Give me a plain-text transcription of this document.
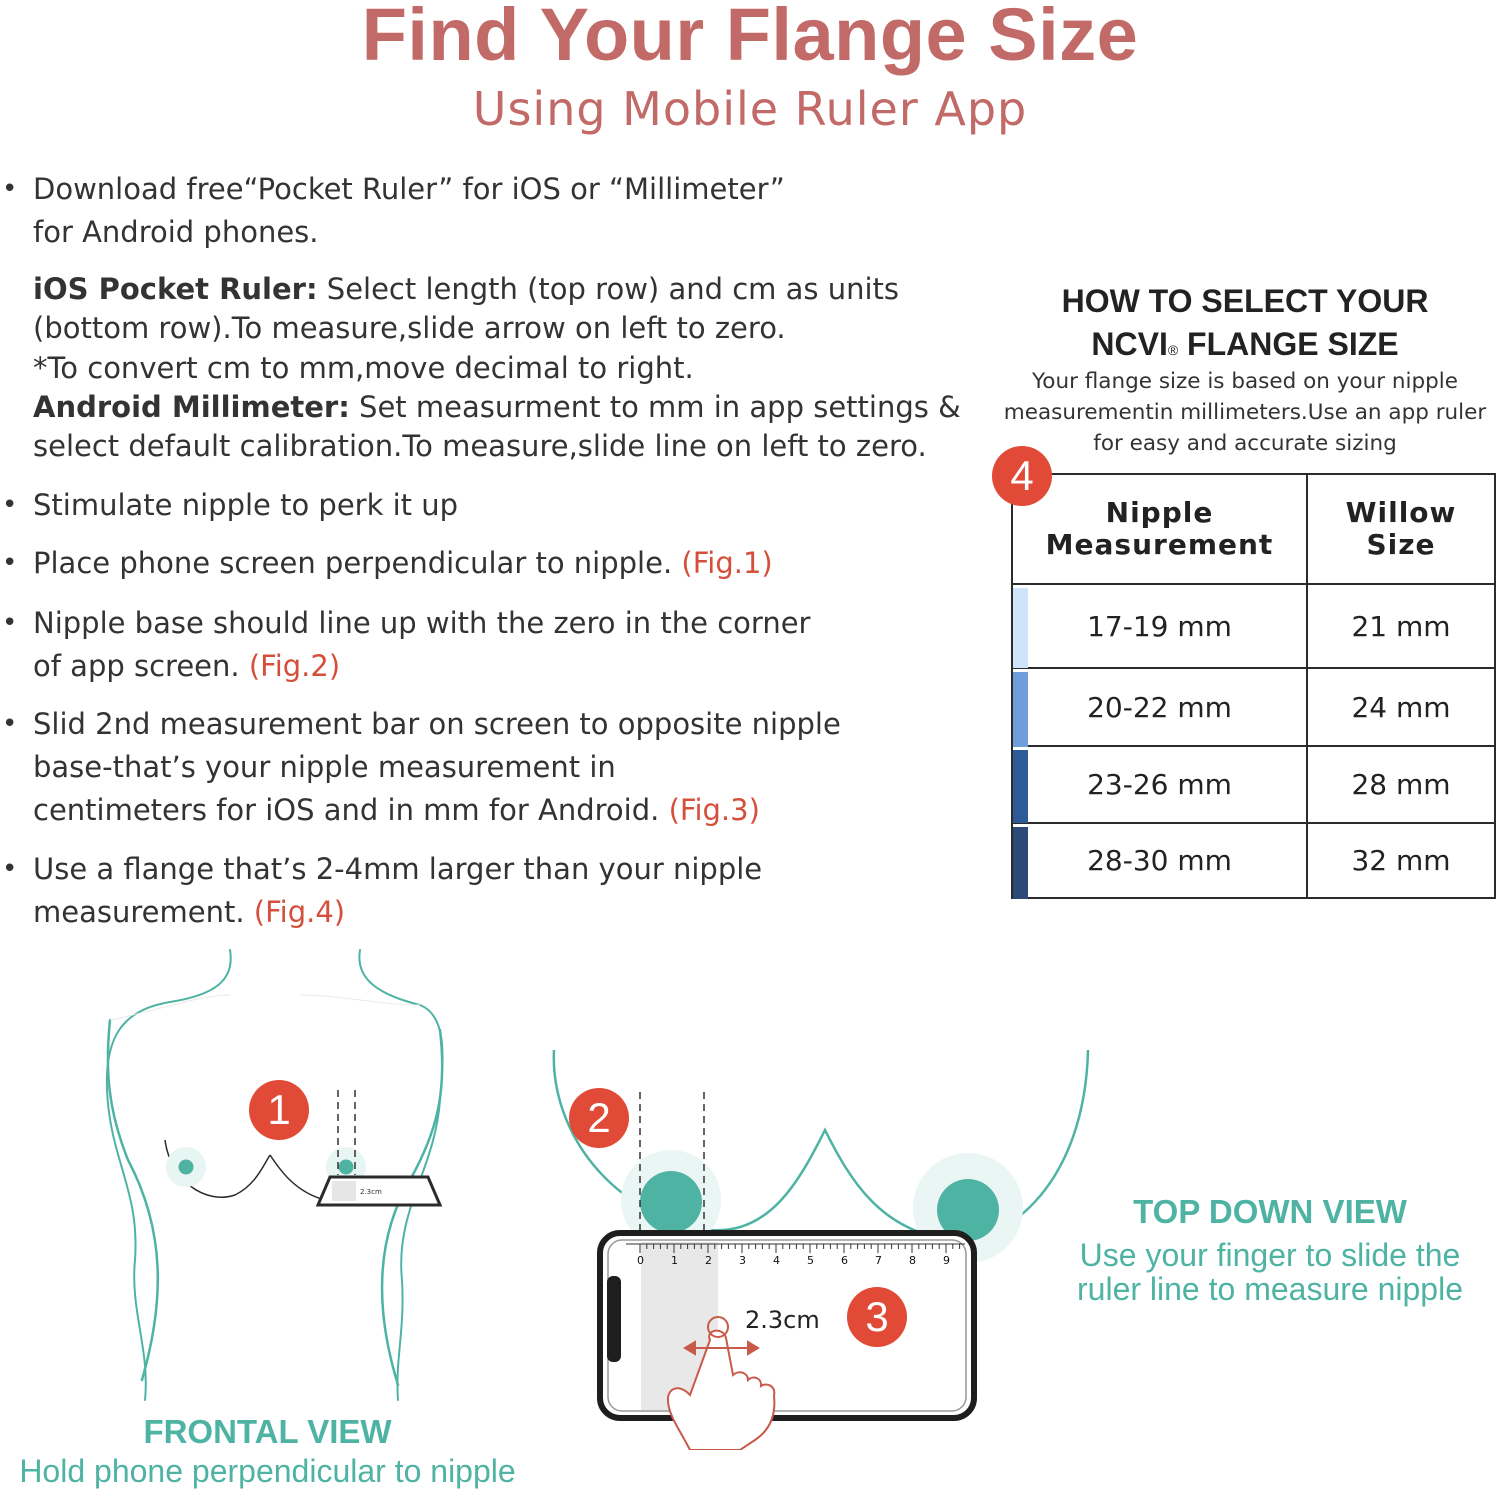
Find Your Flange Size
Using Mobile Ruler App
• Download free“Pocket Ruler” for iOS or “Millimeter”
for Android phones.
iOS Pocket Ruler: Select length (top row) and cm as units
(bottom row).To measure,slide arrow on left to zero.
*To convert cm to mm,move decimal to right.
Android Millimeter: Set measurment to mm in app settings &
select default calibration.To measure,slide line on left to zero.
• Stimulate nipple to perk it up
• Place phone screen perpendicular to nipple. (Fig.1)
• Nipple base should line up with the zero in the corner
of app screen. (Fig.2)
• Slid 2nd measurement bar on screen to opposite nipple
base-that’s your nipple measurement in
centimeters for iOS and in mm for Android. (Fig.3)
• Use a flange that’s 2-4mm larger than your nipple
measurement. (Fig.4)
HOW TO SELECT YOUR
NCVI® FLANGE SIZE
Your flange size is based on your nipple
measurementin millimeters.Use an app ruler
for easy and accurate sizing
Nipple
Measurement	Willow
Size
17-19 mm	21 mm
20-22 mm	24 mm
23-26 mm	28 mm
28-30 mm	32 mm
4
2.3cm
1
FRONTAL VIEW
Hold phone perpendicular to nipple
0 1 2 3 4 5 6 7 8 9
2.3cm
2
3
TOP DOWN VIEW
Use your finger to slide the
ruler line to measure nipple
